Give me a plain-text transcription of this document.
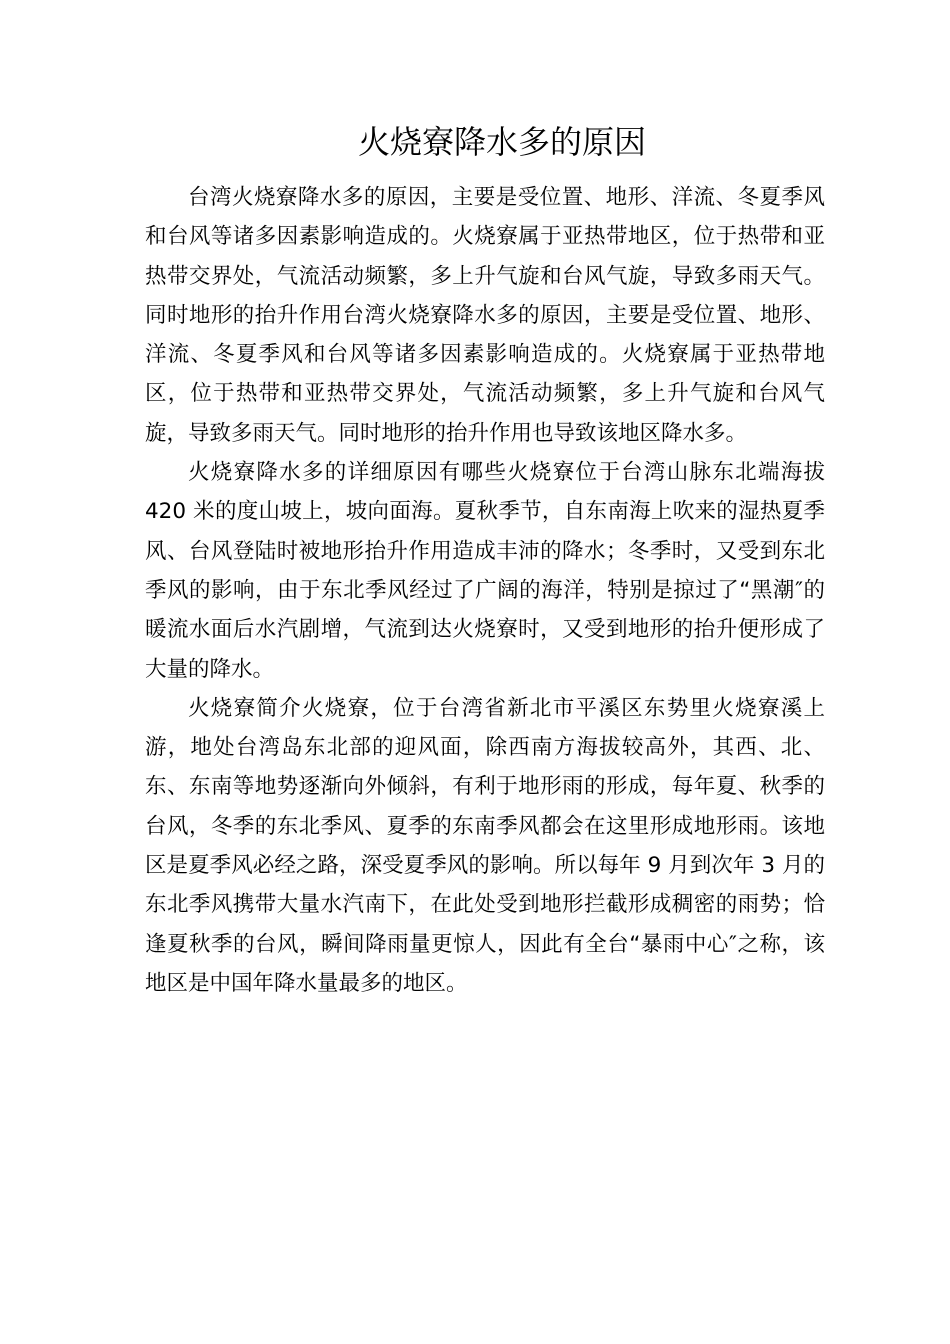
火烧寮降水多的原因

台湾火烧寮降水多的原因，主要是受位置、地形、洋流、冬夏季风和台风等诸多因素影响造成的。火烧寮属于亚热带地区，位于热带和亚热带交界处，气流活动频繁，多上升气旋和台风气旋，导致多雨天气。同时地形的抬升作用台湾火烧寮降水多的原因，主要是受位置、地形、洋流、冬夏季风和台风等诸多因素影响造成的。火烧寮属于亚热带地区，位于热带和亚热带交界处，气流活动频繁，多上升气旋和台风气旋，导致多雨天气。同时地形的抬升作用也导致该地区降水多。

火烧寮降水多的详细原因有哪些火烧寮位于台湾山脉东北端海拔 420 米的度山坡上，坡向面海。夏秋季节，自东南海上吹来的湿热夏季风、台风登陆时被地形抬升作用造成丰沛的降水；冬季时，又受到东北季风的影响，由于东北季风经过了广阔的海洋，特别是掠过了“黑潮″的暖流水面后水汽剧增，气流到达火烧寮时，又受到地形的抬升便形成了大量的降水。

火烧寮简介火烧寮，位于台湾省新北市平溪区东势里火烧寮溪上游，地处台湾岛东北部的迎风面，除西南方海拔较高外，其西、北、东、东南等地势逐渐向外倾斜，有利于地形雨的形成，每年夏、秋季的台风，冬季的东北季风、夏季的东南季风都会在这里形成地形雨。该地区是夏季风必经之路，深受夏季风的影响。所以每年 9 月到次年 3 月的东北季风携带大量水汽南下，在此处受到地形拦截形成稠密的雨势；恰逢夏秋季的台风，瞬间降雨量更惊人，因此有全台“暴雨中心″之称，该地区是中国年降水量最多的地区。
